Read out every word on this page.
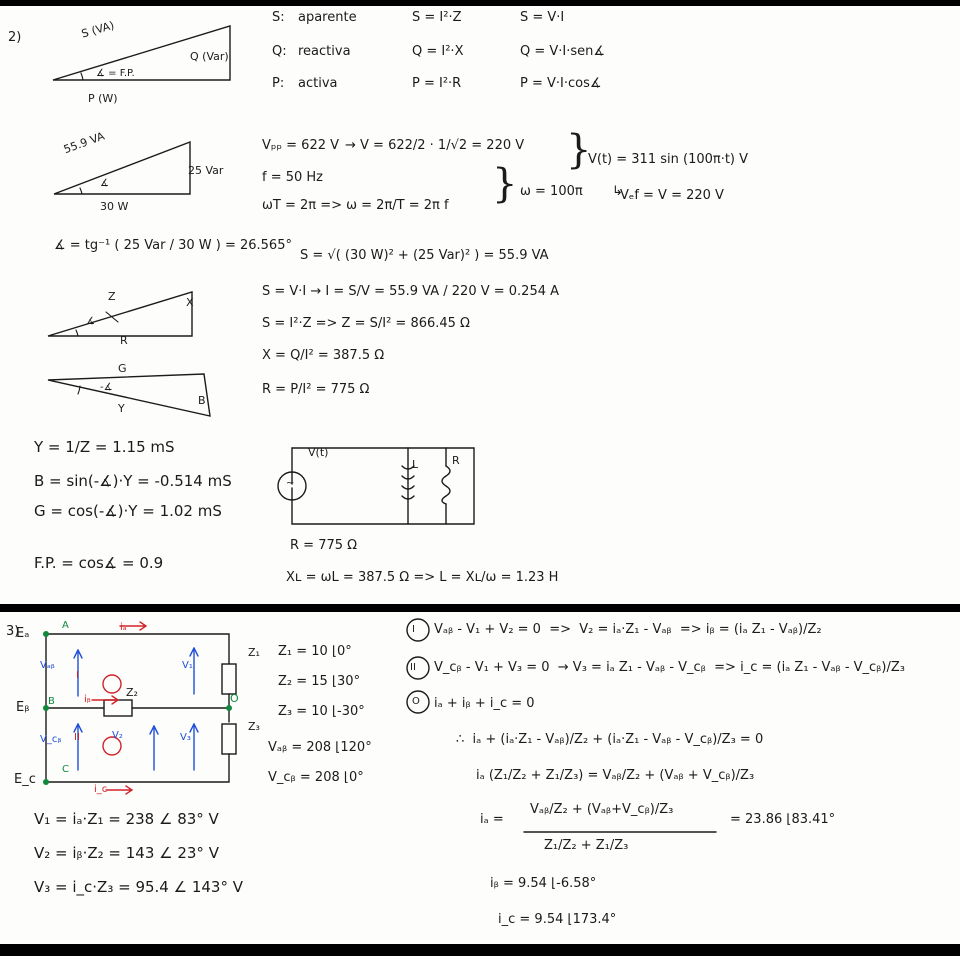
2)	S (VA)
Q (Var)
P (W)
∡ = F.P.
S: aparente	S = I²·Z	S = V·I
Q: reactiva	Q = I²·X	Q = V·I·sen∡
P: activa	P = I²·R	P = V·I·cos∡
55.9 VA
25 Var
30 W
∡
Vₚₚ = 622 V → V = 622/2 · 1/√2 = 220 V
f = 50 Hz
ωT = 2π => ω = 2π/T = 2π f
ω = 100π
V(t) = 311 sin (100π·t) V
Vₑf = V = 220 V
}
}	↳
∡ = tg⁻¹ ( 25 Var / 30 W ) = 26.565°
S = √( (30 W)² + (25 Var)² ) = 55.9 VA
S = V·I → I = S/V = 55.9 VA / 220 V = 0.254 A
S = I²·Z => Z = S/I² = 866.45 Ω
X = Q/I² = 387.5 Ω
R = P/I² = 775 Ω
Z	X
R
∡
G
B
Y
-∡
Y = 1/Z = 1.15 mS
B = sin(-∡)·Y = -0.514 mS
G = cos(-∡)·Y = 1.02 mS
F.P. = cos∡ = 0.9
~
V(t)
L	R
R = 775 Ω
Xʟ = ωL = 387.5 Ω => L = Xʟ/ω = 1.23 H
3)
Eₐ
Eᵦ
E_c
A
B
C
iₐ
iᵦ
i_c
Vₐᵦ
V_cᵦ
V₁
V₂	V₃
I
II
Z₁
Z₂
Z₃
O
Z₁ = 10 ⌊0°
Z₂ = 15 ⌊30°
Z₃ = 10 ⌊-30°
Vₐᵦ = 208 ⌊120°
V_cᵦ = 208 ⌊0°
I
II
O
Vₐᵦ - V₁ + V₂ = 0  =>  V₂ = iₐ·Z₁ - Vₐᵦ  => iᵦ = (iₐ Z₁ - Vₐᵦ)/Z₂
V_cᵦ - V₁ + V₃ = 0  → V₃ = iₐ Z₁ - Vₐᵦ - V_cᵦ  => i_c = (iₐ Z₁ - Vₐᵦ - V_cᵦ)/Z₃
iₐ + iᵦ + i_c = 0
∴  iₐ + (iₐ·Z₁ - Vₐᵦ)/Z₂ + (iₐ·Z₁ - Vₐᵦ - V_cᵦ)/Z₃ = 0
iₐ (Z₁/Z₂ + Z₁/Z₃) = Vₐᵦ/Z₂ + (Vₐᵦ + V_cᵦ)/Z₃
iₐ =
Vₐᵦ/Z₂ + (Vₐᵦ+V_cᵦ)/Z₃
Z₁/Z₂ + Z₁/Z₃
= 23.86 ⌊83.41°
iᵦ = 9.54 ⌊-6.58°
i_c = 9.54 ⌊173.4°
V₁ = iₐ·Z₁ = 238 ∠ 83° V
V₂ = iᵦ·Z₂ = 143 ∠ 23° V
V₃ = i_c·Z₃ = 95.4 ∠ 143° V
